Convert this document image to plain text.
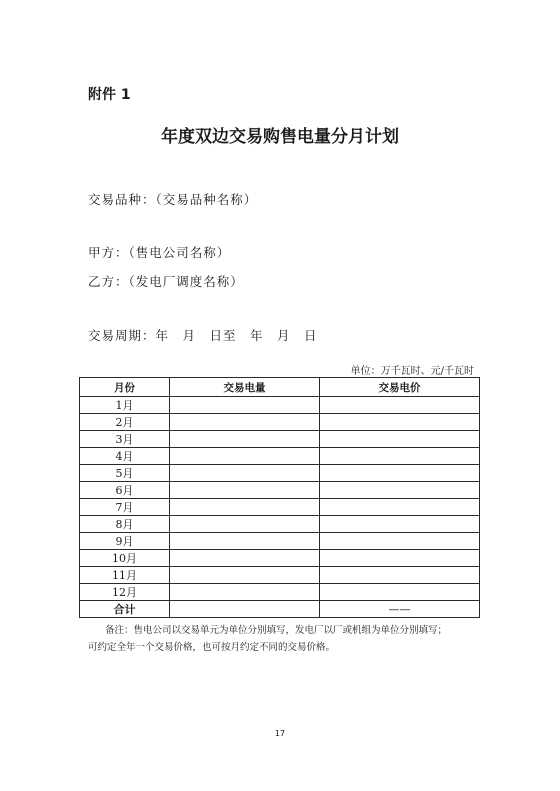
附件 1
年度双边交易购售电量分月计划
交易品种：（交易品种名称）
甲方：（售电公司名称）
乙方：（发电厂调度名称）
交易周期：年　月　日至　年　月　日
单位：万千瓦时、元/千瓦时
月份	交易电量	交易电价
1月		
2月		
3月		
4月		
5月		
6月		
7月		
8月		
9月		
10月		
11月		
12月		
合计		——

备注：售电公司以交易单元为单位分别填写，发电厂以厂或机组为单位分别填写；

可约定全年一个交易价格，也可按月约定不同的交易价格。

17
